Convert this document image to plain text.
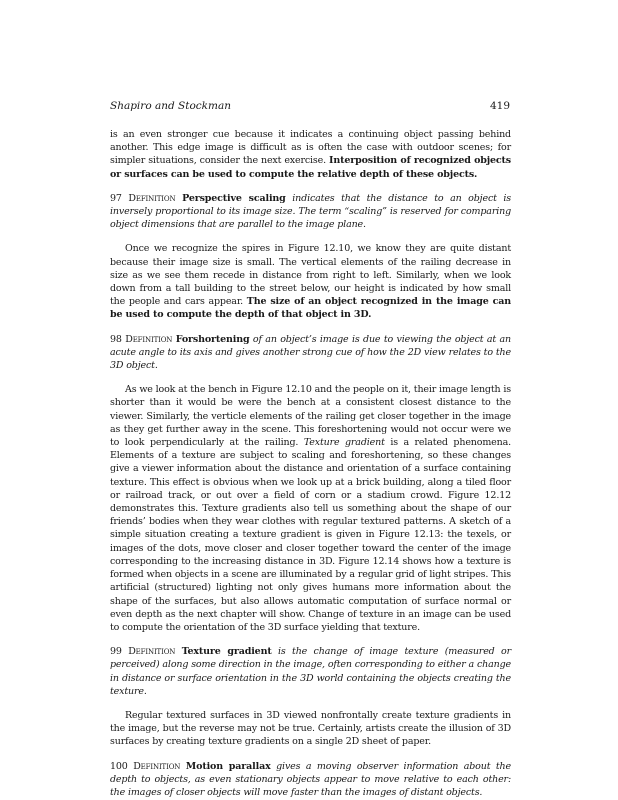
Shapiro and Stockman	419

is an even stronger cue because it indicates a continuing object passing behind another. This edge image is difficult as is often the case with outdoor scenes; for simpler situations, consider the next exercise. Interposition of recognized objects or surfaces can be used to compute the relative depth of these objects.

97 Definition Perspective scaling indicates that the distance to an object is inversely proportional to its image size. The term “scaling” is reserved for comparing object dimensions that are parallel to the image plane.

Once we recognize the spires in Figure 12.10, we know they are quite distant because their image size is small. The vertical elements of the railing decrease in size as we see them recede in distance from right to left. Similarly, when we look down from a tall building to the street below, our height is indicated by how small the people and cars appear. The size of an object recognized in the image can be used to compute the depth of that object in 3D.

98 Definition Forshortening of an object’s image is due to viewing the object at an acute angle to its axis and gives another strong cue of how the 2D view relates to the 3D object.

As we look at the bench in Figure 12.10 and the people on it, their image length is shorter than it would be were the bench at a consistent closest distance to the viewer. Similarly, the verticle elements of the railing get closer together in the image as they get further away in the scene. This foreshortening would not occur were we to look perpendicularly at the railing. Texture gradient is a related phenomena. Elements of a texture are subject to scaling and foreshortening, so these changes give a viewer information about the distance and orientation of a surface containing texture. This effect is obvious when we look up at a brick building, along a tiled floor or railroad track, or out over a field of corn or a stadium crowd. Figure 12.12 demonstrates this. Texture gradients also tell us something about the shape of our friends’ bodies when they wear clothes with regular textured patterns. A sketch of a simple situation creating a texture gradient is given in Figure 12.13: the texels, or images of the dots, move closer and closer together toward the center of the image corresponding to the increasing distance in 3D. Figure 12.14 shows how a texture is formed when objects in a scene are illuminated by a regular grid of light stripes. This artificial (structured) lighting not only gives humans more information about the shape of the surfaces, but also allows automatic computation of surface normal or even depth as the next chapter will show. Change of texture in an image can be used to compute the orientation of the 3D surface yielding that texture.

99 Definition Texture gradient is the change of image texture (measured or perceived) along some direction in the image, often corresponding to either a change in distance or surface orientation in the 3D world containing the objects creating the texture.

Regular textured surfaces in 3D viewed nonfrontally create texture gradients in the image, but the reverse may not be true. Certainly, artists create the illusion of 3D surfaces by creating texture gradients on a single 2D sheet of paper.

100 Definition Motion parallax gives a moving observer information about the depth to objects, as even stationary objects appear to move relative to each other: the images of closer objects will move faster than the images of distant objects.
